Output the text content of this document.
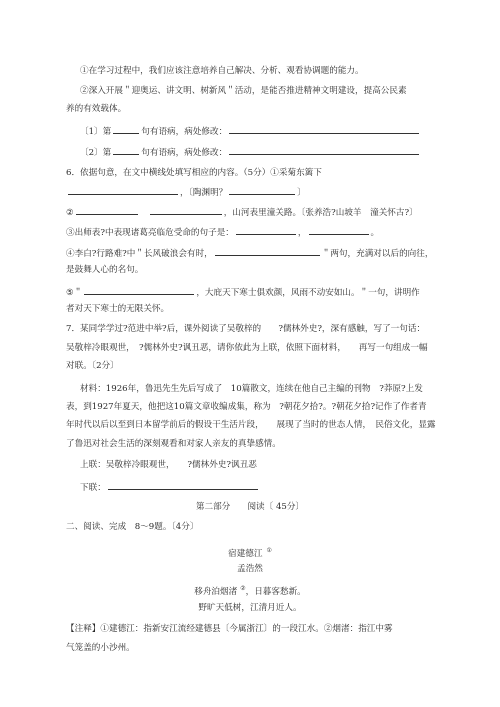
①在学习过程中，我们应该注意培养自己解决、分析、观看协调题的能力。
②深入开展＂迎奥运、讲文明、树新风＂活动，是能否推进精神文明建设，提高公民素
养的有效载体。
〔1〕第	句有语病，病处修改：
〔2〕第	句有语病，病处修改：
6．依据句意，在文中横线处填写相应的内容。（5分）①采菊东篱下
，〔陶渊明？	〕
②	，山河表里潼关路。〔张养浩?山坡羊　潼关怀古?〕
③出师表?中表现诸葛亮临危受命的句子是：	，	。
④李白?行路难?中＂长风破浪会有时，	＂两句，充满对以后的向往，
是鼓舞人心的名句。
⑤＂	，大庇天下寒士俱欢颜，风雨不动安如山。＂一句，讲明作
者对天下寒士的无限关怀。
7．某同学学过?范进中举?后，课外阅读了吴敬梓的　　?儒林外史?，深有感触，写了一句话：
吴敬梓冷眼观世，　?儒林外史?讽丑恶，请你依此为上联，依照下面材料，　　再写一句组成一幅
对联。〔2分〕
材料：1926年，鲁迅先生先后写成了　10篇散文，连续在他自己主编的刊物　?莽原?上发
表，到1927年夏天，他把这10篇文章收编成集，称为　?朝花夕拾?。?朝花夕拾?记作了作者青
年时代以后以至到日本留学前后的假设干生活片段，　　展现了当时的世态人情，　民俗文化，显露
了鲁迅对社会生活的深刻观看和对家人亲友的真挚感情。
上联：吴敬梓冷眼观世，　　?儒林外史?讽丑恶
下联：
第二部分　　阅读〔 45分〕
二、阅读、完成　8～9题。〔4分〕
宿建德江 ①
孟浩然
移舟泊烟渚 ②，日暮客愁新。
野旷天低树，江清月近人。
【注释】①建德江：指新安江流经建德县〔今属浙江〕的一段江水。②烟渚：指江中雾
气笼盖的小沙州。
